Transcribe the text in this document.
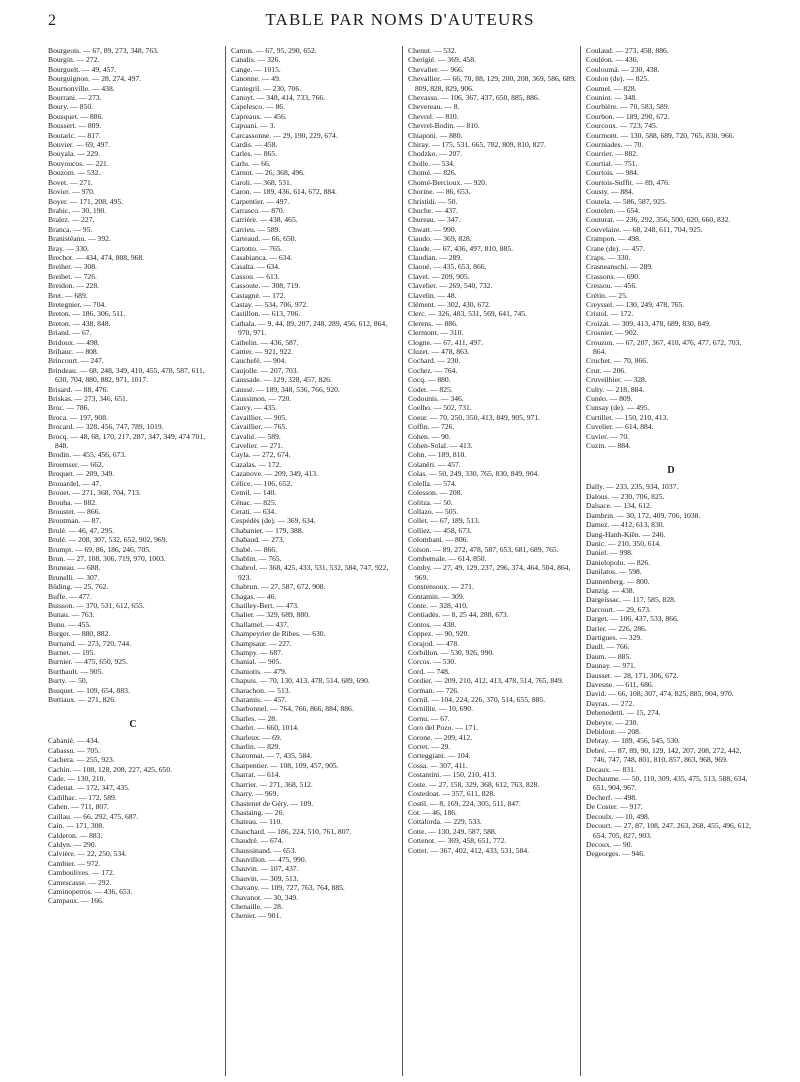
2	TABLE PAR NOMS D'AUTEURS
Bourgeois. — 67, 89, 273, 348, 763.
Bourgin. — 272.
Bourguelt. — 49, 457.
Bourguignon. — 28, 274, 497.
Bournonville. — 438.
Bourrani. — 273.
Boury. — 850.
Bousquet. — 886.
Boussert. — 809.
Boutaric. — 817.
Bouvier. — 69, 497.
Bouyala. — 229.
Bouyoucos. — 221.
Bouzom. — 532.
Bovet. — 271.
Bovier. — 970.
Boyer. — 171, 208, 495.
Brahic. — 30, 190.
Bralez. — 227.
Branca. — 95.
Branistéanu. — 392.
Bray. — 330.
Brechot. — 434, 474, 808, 968.
Breiher. — 308.
Breibet. — 726.
Breidon. — 228.
Bret. — 689.
Bretegnier. — 704.
Breton. — 186, 306, 511.
Breton. — 438, 848.
Briand. — 67.
Bridoux. — 498.
Brihauc. — 808.
Brincourt. — 247.
Brindeau. — 68, 248, 349, 410, 455, 478, 587, 611, 630, 704, 880, 882, 971, 1017.
Brisard. — 88, 476.
Briskas. — 273, 346, 651.
Broc. — 786.
Broca. — 197, 908.
Brocard. — 328, 456, 747, 789, 1019.
Brocq. — 48, 68, 170, 217, 287, 347, 349, 474 701, 848.
Brodin. — 455, 456, 673.
Broemser. — 662.
Broquet. — 209, 349.
Brouardel. — 47.
Brouet. — 271, 368, 704, 713.
Brouha. — 882.
Broustet. — 866.
Broutman. — 87.
Brulé. — 46, 47, 295.
Brulé. — 208, 307, 532, 652, 902, 969.
Brumpt. — 69, 86, 186, 246, 705.
Brun. — 27, 108, 306, 719, 970, 1003.
Bruneau. — 688.
Brunelli. — 307.
Büding. — 25, 762.
Buffe. — 477.
Buisson. — 370, 531, 612, 655.
Bunau. — 763.
Buno. — 455.
Burger. — 880, 882.
Burnand. — 273, 720, 744.
Burnet. — 195.
Burnier. — 475, 650, 925.
Burthault. — 905.
Burty. — 50.
Busquet. — 109, 654, 883.
Buttiaux. — 271, 826.
C
Cabanié. — 434.
Cabassu. — 705.
Cachera. — 255, 923.
Cachin. — 108, 128, 208, 227, 425, 650.
Cade. — 130, 210.
Cadenat. — 172, 347, 435.
Cadilhac. — 172, 589.
Cahen. — 711, 807.
Caillau. — 66, 292, 475, 687.
Cain. — 171, 308.
Calderon. — 883.
Caldyn. — 290.
Calvière. — 22, 250, 534.
Cambier. — 972.
Camboulives. — 172.
Camescasse. — 292.
Caminopetros. — 436, 653.
Campaux. — 166.
Camus. — 67, 95, 290, 652.
Canalis. — 326.
Cange. — 1015.
Canonne. — 49.
Cantegril. — 230, 706.
Canuyt. — 348, 414, 733, 766.
Capelesco. — 86.
Capreaux. — 456.
Capuani. — 3.
Carcassonne. — 29, 190, 229, 674.
Cardis. — 458.
Carles. — 865.
Carlu. — 66.
Carnot. — 26, 368, 496.
Caroli. — 368, 531.
Caron. — 189, 436, 614, 672, 884.
Carpentier. — 497.
Carrasco. — 870.
Carrière. — 438, 465.
Carrieu. — 589.
Carteaud. — 66, 650.
Cartotto. — 765.
Casabianca. — 634.
Casalta. — 634.
Cassou. — 613.
Cassoute. — 308, 719.
Castagné. — 172.
Castay. — 534, 706, 972.
Castillon. — 613, 706.
Cathala. — 9, 44, 89, 207, 248, 289, 456, 612, 864, 970, 971.
Cathelin. — 436, 587.
Cattier. — 921, 922.
Cauchefé. — 904.
Caujolle. — 207, 703.
Caussade. — 129, 328, 457, 826.
Caussé. — 189, 348, 536, 766, 920.
Caussimon. — 720.
Cauvy. — 435.
Cavaillier. — 905.
Cavaillier. — 765.
Cavalié. — 589.
Cavelier. — 271.
Cayla. — 272, 674.
Cazalas. — 172.
Cazanove. — 209, 349, 413.
Célice. — 106, 652.
Cemil. — 140.
Cénac. — 825.
Cerati. — 634.
Cespédès (de). — 369, 634.
Chabanier. — 179, 388.
Chabaud. — 273.
Chabé. — 866.
Chablin. — 765.
Chabrol. — 368, 425, 433, 531, 532, 584, 747, 922, 923.
Chabrun. — 27, 587, 672, 908.
Chagas. — 46.
Chailley-Bert. — 473.
Chalier. — 329, 689, 880.
Challamel. — 437.
Champeyrier de Ribes. — 630.
Champsaur. — 227.
Champy. — 687.
Chanial. — 905.
Chaniotis. — 479.
Chapuis. — 70, 130, 413, 478, 514, 689, 690.
Charachon. — 513.
Charamis. — 457.
Charbonnel. — 764, 766, 866, 884, 886.
Charles. — 28.
Charlet. — 660, 1014.
Charleux. — 69.
Charlin. — 829.
Charonnat. — 7, 435, 584.
Charpentier. — 108, 109, 457, 905.
Charrat. — 614.
Charrier. — 271, 368, 512.
Charry. — 969.
Chastenet de Géry. — 109.
Chastaing. — 26.
Chateau. — 110.
Chauchard. — 186, 224, 510, 761, 807.
Chaudré. — 674.
Chaussinand. — 653.
Chauvillon. — 475, 990.
Chauvin. — 107, 437.
Chauvin. — 309, 513.
Chavany. — 109, 727, 763, 764, 885.
Chavanot. — 30, 349.
Chenaille. — 28.
Chenier. — 901.
Chenut. — 532.
Cherigié. — 369, 458.
Chevalier. — 966.
Chevallier. — 66, 70, 88, 129, 200, 208, 369, 586, 689, 809, 828, 829, 906.
Chevassu. — 106, 367, 437, 650, 885, 886.
Chevereau. — 8.
Chevrel. — 810.
Chevrel-Bodin. — 810.
Chiaponi. — 880.
Chiray. — 175, 531, 665, 782, 809, 810, 827.
Chodzko. — 207.
Cholle. — 534.
Chomé. — 826.
Chomé-Bercioux. — 920.
Chorine. — 86, 653.
Christidi. — 50.
Chuche. — 437.
Chureau. — 347.
Chwatt. — 990.
Ciaudo. — 369, 828.
Claude. — 67, 436, 497, 810, 885.
Claudian. — 289.
Claoué. — 435, 653, 866.
Clavel. — 209, 905.
Clavelier. — 269, 540, 732.
Clavelin. — 48.
Clément. — 302, 430, 672.
Clerc. — 326, 483, 531, 569, 641, 745.
Clerens. — 886.
Clermont. — 310.
Clogne. — 67, 411, 497.
Cluzet. — 478, 863.
Cochard. — 230.
Cochez. — 764.
Cocq. — 880.
Codet. — 825.
Codounis. — 346.
Coelho. — 502, 731.
Coeur. — 70, 250, 350, 413, 849, 905, 971.
Coffin. — 726.
Cohen. — 90.
Cohen-Solal. — 413.
Cohn. — 189, 810.
Colanéri. — 457.
Colas. — 50, 249, 330, 765, 830, 849, 904.
Colella. — 574.
Colesson. — 208.
Colitza. — 50.
Collazo. — 505.
Collet. — 67, 189, 513.
Colliez. — 458, 673.
Colombani. — 806.
Colson. — 89, 272, 478, 587, 653, 681, 689, 765.
Combemale. — 614, 850.
Comby. — 27, 49, 129, 237, 296, 374, 464, 504, 864, 969.
Constensoux. — 271.
Contamin. — 309.
Conte. — 328, 410.
Contiadès. — 8, 25 44, 288, 673.
Contos. — 438.
Coppez. — 90, 920.
Corajod. — 478.
Corbillon. — 530, 926, 990.
Corcos. — 530.
Cord. — 748.
Cordier. — 209, 210, 412, 413, 478, 514, 765, 849.
Corman. — 726.
Cornil. — 104, 224, 226, 370, 514, 655, 885.
Cornillie. — 10, 690.
Cornu. — 67.
Coro del Pozo. — 171.
Corone. — 209, 412.
Corret. — 29.
Corteggiani. — 104.
Cossa. — 307, 411.
Costantini. — 150, 210, 413.
Coste. — 27, 158, 329, 368, 612, 763, 828.
Costedoat. — 357, 611, 828.
Costil. — 8, 169, 224, 305, 511, 847.
Cot. — 46, 186.
Cottalorda. — 229, 533.
Cotte. — 130, 249, 587, 588.
Cottenot. — 369, 458, 651, 772.
Cottet. — 367, 402, 412, 433, 531, 584.
Coulaud. — 273, 458, 886.
Couléon. — 436.
Couloumá. — 230, 438.
Coulon (de). — 825.
Coumel. — 828.
Couniot. — 348.
Courbière. — 70, 583, 589.
Courbon. — 189, 290, 672.
Courcoux. — 723, 745.
Courmont. — 130, 588, 689, 720, 765, 830, 966.
Courniades. — 70.
Courrier. — 882.
Courtial. — 751.
Courtois. — 984.
Courtois-Suffit. — 89, 476.
Cousty. — 884.
Coutela. — 586, 587, 925.
Coutelen. — 654.
Couturat. — 236, 292, 356, 500, 620, 660, 832.
Couvelaire. — 68, 248, 611, 704, 925.
Crampon. — 498.
Crane (de). — 457.
Craps. — 330.
Crasneanschi. — 289.
Crassons. — 690.
Cressou. — 456.
Crétin. — 25.
Creyssel. — 130, 249, 478, 765.
Cristol. — 172.
Croizat. — 309, 413, 478, 689, 830, 849.
Crosnier. — 902.
Crouzon. — 67, 207, 367, 410, 476, 477, 672, 703, 864.
Cruchet. — 70, 866.
Crut. — 206.
Cruveilhier. — 328.
Culty. — 218, 884.
Cunéo. — 809.
Cunsay (de). — 495.
Curtillet. — 150, 210, 413.
Cuvelier. — 614, 884.
Cuvier. — 70.
Cuzin. — 884.
D
Dally. — 233, 235, 934, 1037.
Dalous. — 230, 706, 825.
Dalsace. — 134, 612.
Dambrin. — 30, 172, 409, 706, 1038.
Damez. — 412, 613, 830.
Dang-Hanh-Kiên. — 246.
Danic. — 210, 350, 614.
Daniel. — 998.
Danielopolu. — 826.
Danilatos. — 598.
Dannenberg. — 800.
Danzig. — 438.
Dargeissac. — 117, 585, 828.
Darcourt. — 29, 673.
Darget. — 106, 437, 533, 866.
Darier. — 226, 286.
Dartigues. — 329.
Daull. — 766.
Daum. — 885.
Daunay. — 971.
Dausset. — 28, 171, 306, 672.
Davesne. — 611, 686.
David. — 66, 108, 307, 474, 825, 885, 904, 970.
Dayras. — 272.
Debenedetti. — 15, 274.
Debeyre. — 230.
Debidour. — 208.
Debray. — 189, 456, 545, 530.
Debré. — 87, 89, 90, 129, 142, 207, 208, 272, 442, 746, 747, 748, 801, 810, 857, 863, 968, 969.
Decaux. — 831.
Dechaume. — 50, 110, 309, 435, 475, 513, 588, 634, 651, 904, 967.
Decherf. — 498.
De Coster. — 917.
Decoulx. — 10, 498.
Decourt. — 27, 87, 108, 247, 263, 268, 455, 496, 612, 654, 705, 827, 903.
Decoux. — 90.
Degeorges. — 946.
